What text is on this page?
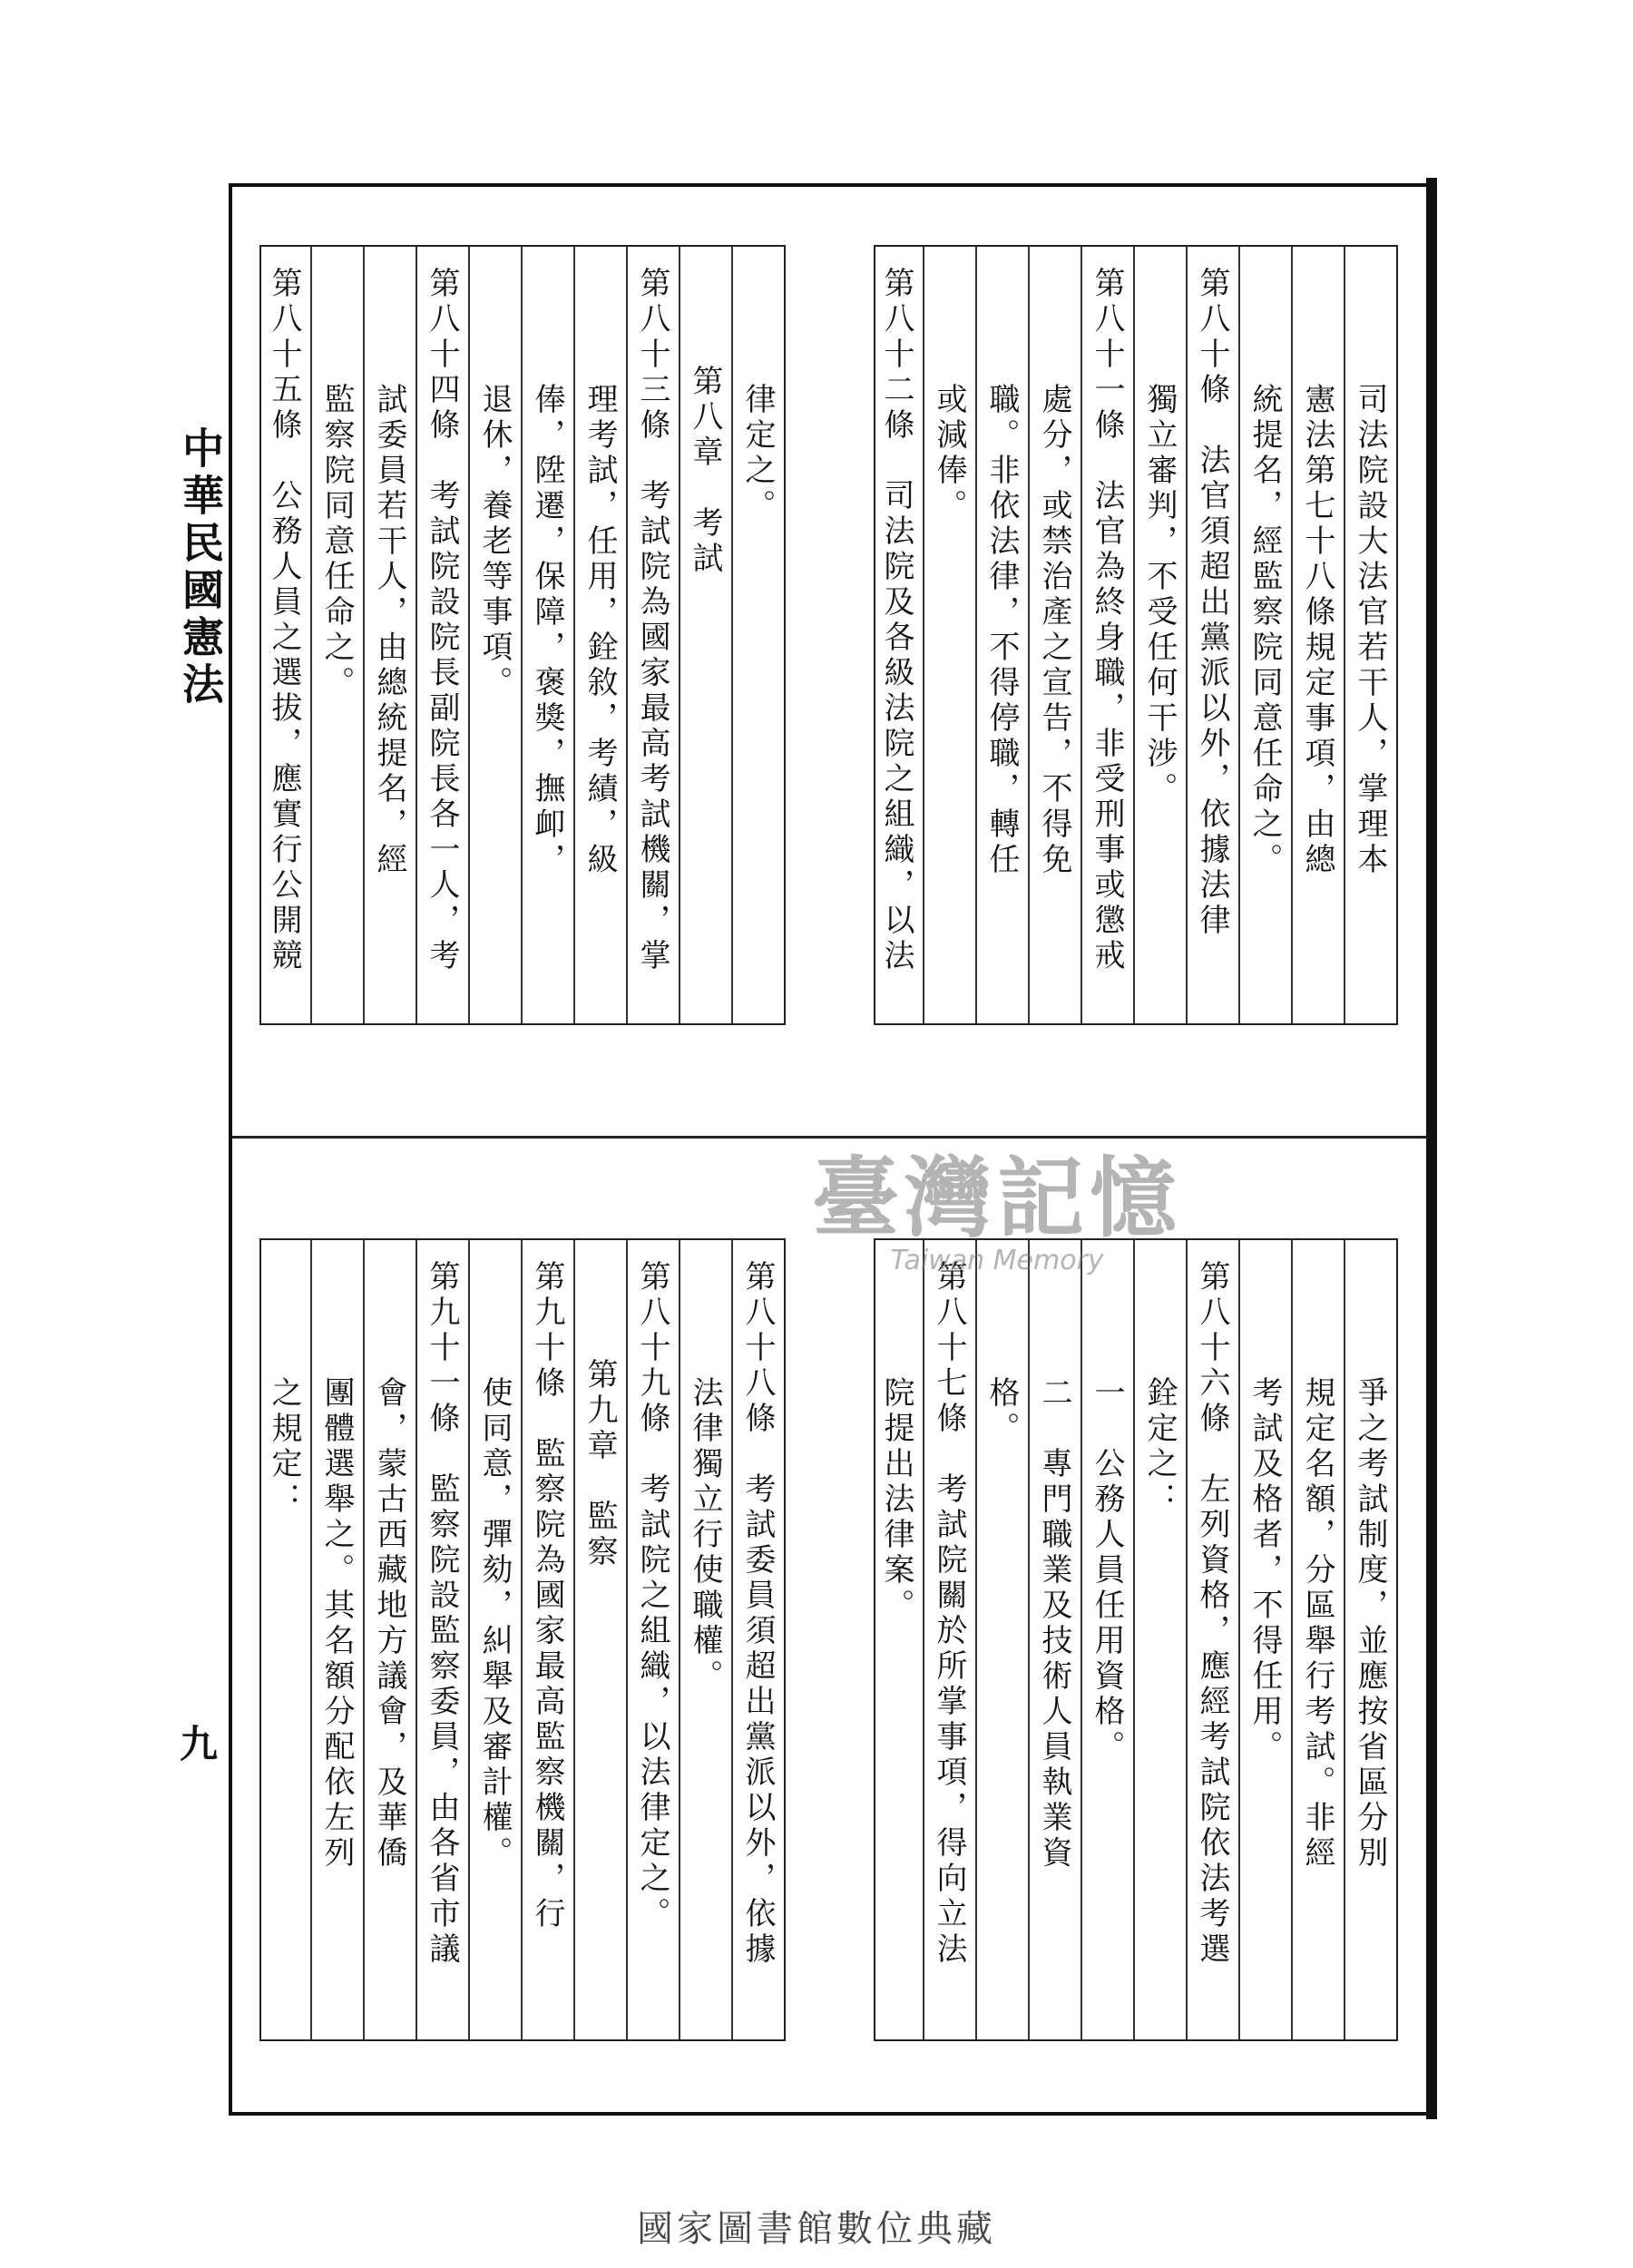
中華民國憲法
九
司法院設大法官若干人，掌理本
憲法第七十八條規定事項，由總
統提名，經監察院同意任命之。
第八十條　法官須超出黨派以外，依據法律
獨立審判，不受任何干涉。
第八十一條　法官為終身職，非受刑事或懲戒
處分，或禁治產之宣告，不得免
職。非依法律，不得停職，轉任
或減俸。
第八十二條　司法院及各級法院之組織，以法
律定之。
第八章　考試
第八十三條　考試院為國家最高考試機關，掌
理考試，任用，銓敘，考績，級
俸，陞遷，保障，褒獎，撫卹，
退休，養老等事項。
第八十四條　考試院設院長副院長各一人，考
試委員若干人，由總統提名，經
監察院同意任命之。
第八十五條　公務人員之選拔，應實行公開競
爭之考試制度，並應按省區分別
規定名額，分區舉行考試。非經
考試及格者，不得任用。
第八十六條　左列資格，應經考試院依法考選
銓定之：
一　公務人員任用資格。
二　專門職業及技術人員執業資
格。
第八十七條　考試院關於所掌事項，得向立法
院提出法律案。
第八十八條　考試委員須超出黨派以外，依據
法律獨立行使職權。
第八十九條　考試院之組織，以法律定之。
第九章　監察
第九十條　監察院為國家最高監察機關，行
使同意，彈劾，糾舉及審計權。
第九十一條　監察院設監察委員，由各省市議
會，蒙古西藏地方議會，及華僑
團體選舉之。其名額分配依左列
之規定：
臺灣記憶
Taiwan Memory
國家圖書館數位典藏
